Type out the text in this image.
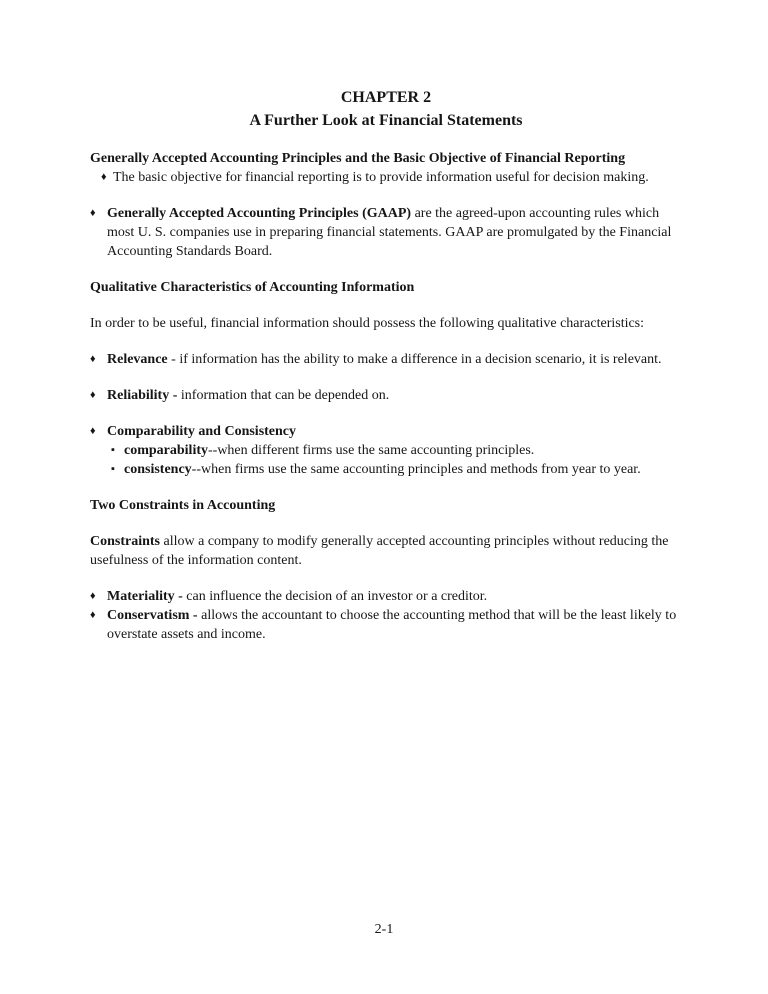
CHAPTER 2
A Further Look at Financial Statements
Generally Accepted Accounting Principles and the Basic Objective of Financial Reporting
♦ The basic objective for financial reporting is to provide information useful for decision making.
♦ Generally Accepted Accounting Principles (GAAP) are the agreed-upon accounting rules which most U. S. companies use in preparing financial statements. GAAP are promulgated by the Financial Accounting Standards Board.
Qualitative Characteristics of Accounting Information
In order to be useful, financial information should possess the following qualitative characteristics:
♦ Relevance - if information has the ability to make a difference in a decision scenario, it is relevant.
♦ Reliability - information that can be depended on.
♦ Comparability and Consistency
▪ comparability--when different firms use the same accounting principles.
▪ consistency--when firms use the same accounting principles and methods from year to year.
Two Constraints in Accounting
Constraints allow a company to modify generally accepted accounting principles without reducing the usefulness of the information content.
♦ Materiality - can influence the decision of an investor or a creditor.
♦ Conservatism - allows the accountant to choose the accounting method that will be the least likely to overstate assets and income.
2-1
